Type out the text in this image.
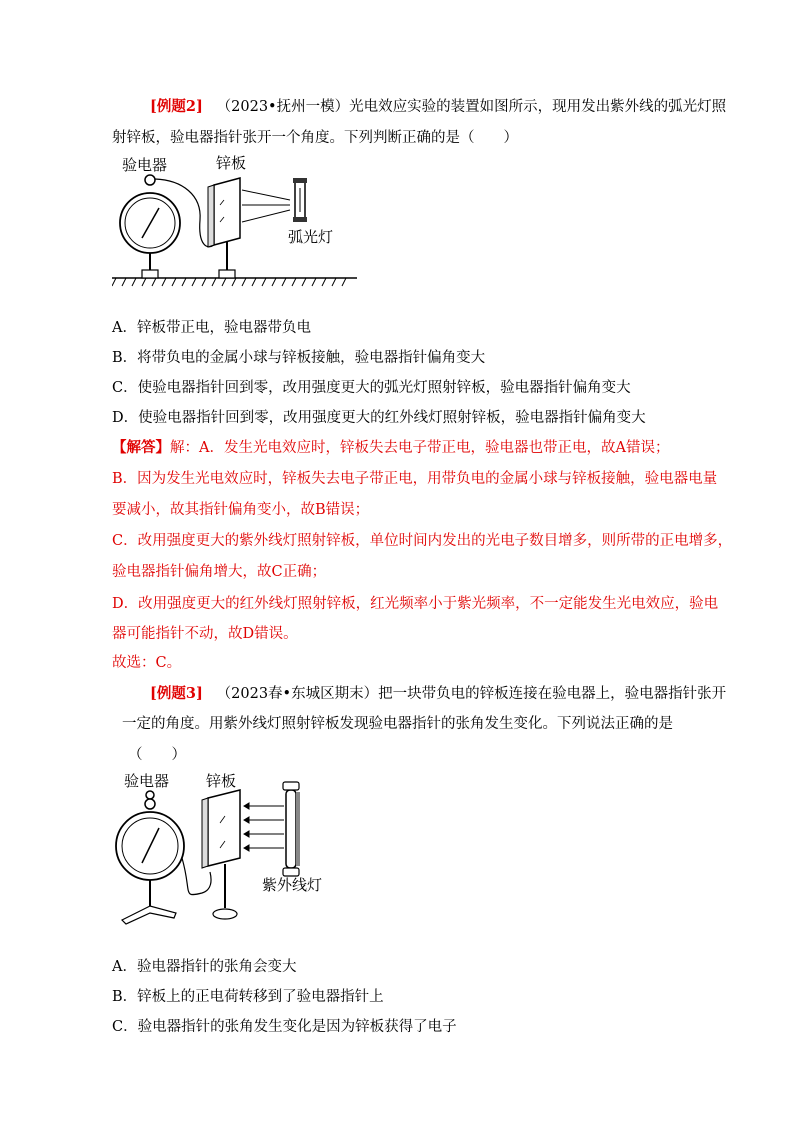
[例题2] （2023•抚州一模）光电效应实验的装置如图所示，现用发出紫外线的弧光灯照
射锌板，验电器指针张开一个角度。下列判断正确的是（　　）
验电器	锌板
弧光灯
A．锌板带正电，验电器带负电
B．将带负电的金属小球与锌板接触，验电器指针偏角变大
C．使验电器指针回到零，改用强度更大的弧光灯照射锌板，验电器指针偏角变大
D．使验电器指针回到零，改用强度更大的红外线灯照射锌板，验电器指针偏角变大
【解答】解：A．发生光电效应时，锌板失去电子带正电，验电器也带正电，故A错误；
B．因为发生光电效应时，锌板失去电子带正电，用带负电的金属小球与锌板接触，验电器电量
要减小，故其指针偏角变小，故B错误；
C．改用强度更大的紫外线灯照射锌板，单位时间内发出的光电子数目增多，则所带的正电增多，
验电器指针偏角增大，故C正确；
D．改用强度更大的红外线灯照射锌板，红光频率小于紫光频率，不一定能发生光电效应，验电
器可能指针不动，故D错误。
故选：C。
[例题3] （2023春•东城区期末）把一块带负电的锌板连接在验电器上，验电器指针张开
一定的角度。用紫外线灯照射锌板发现验电器指针的张角发生变化。下列说法正确的是
（　　）
验电器 锌板
紫外线灯
A．验电器指针的张角会变大
B．锌板上的正电荷转移到了验电器指针上
C．验电器指针的张角发生变化是因为锌板获得了电子
